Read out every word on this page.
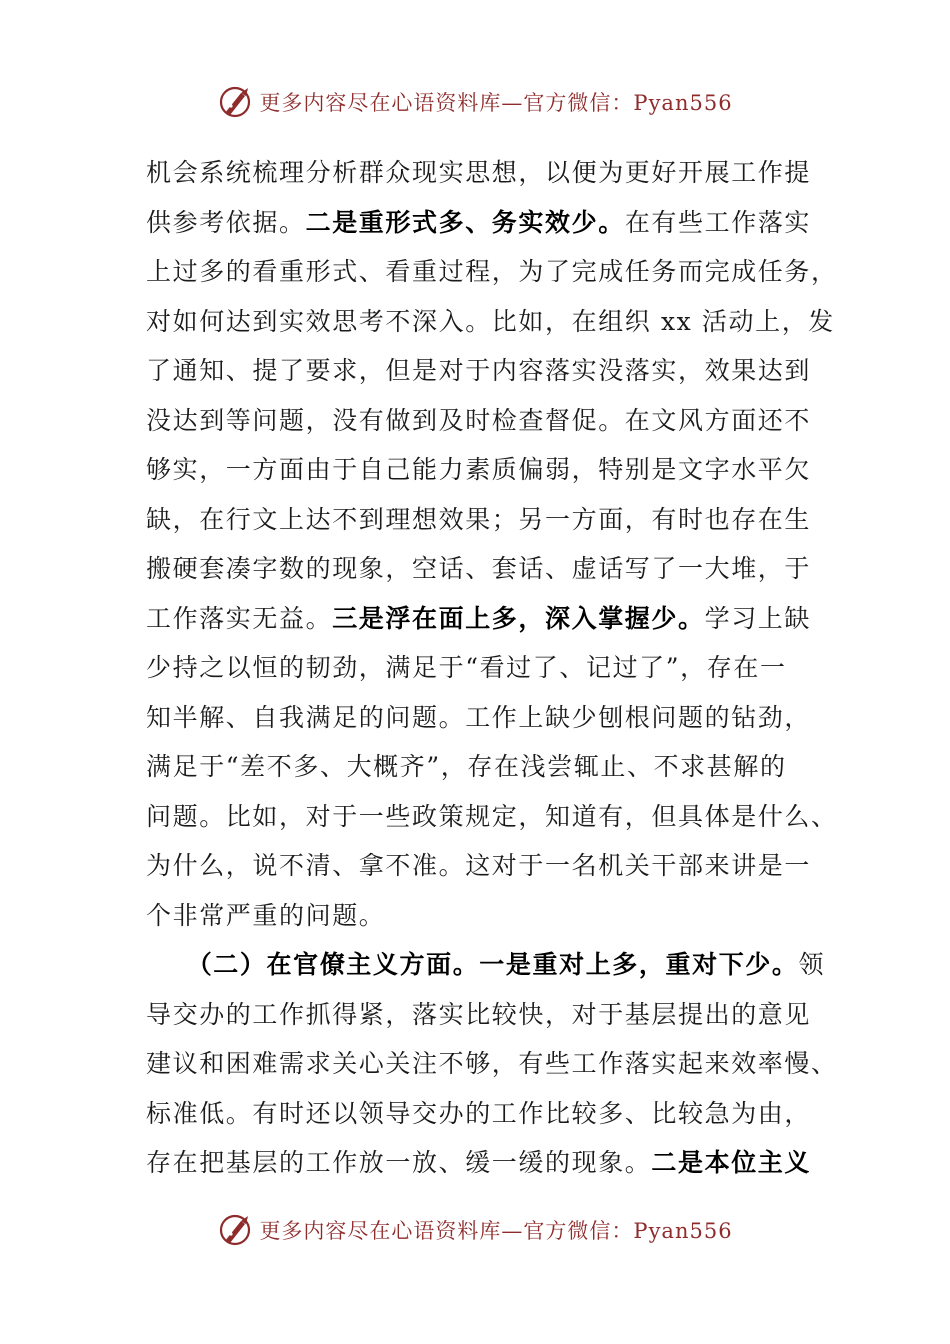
更多内容尽在心语资料库—官方微信：Pyan556
机会系统梳理分析群众现实思想，以便为更好开展工作提
供参考依据。二是重形式多、务实效少。在有些工作落实
上过多的看重形式、看重过程，为了完成任务而完成任务，
对如何达到实效思考不深入。比如，在组织 xx 活动上，发
了通知、提了要求，但是对于内容落实没落实，效果达到
没达到等问题，没有做到及时检查督促。在文风方面还不
够实，一方面由于自己能力素质偏弱，特别是文字水平欠
缺，在行文上达不到理想效果；另一方面，有时也存在生
搬硬套凑字数的现象，空话、套话、虚话写了一大堆，于
工作落实无益。三是浮在面上多，深入掌握少。学习上缺
少持之以恒的韧劲，满足于“看过了、记过了”，存在一
知半解、自我满足的问题。工作上缺少刨根问题的钻劲，
满足于“差不多、大概齐”，存在浅尝辄止、不求甚解的
问题。比如，对于一些政策规定，知道有，但具体是什么、
为什么，说不清、拿不准。这对于一名机关干部来讲是一
个非常严重的问题。
　　（二）在官僚主义方面。一是重对上多，重对下少。领
导交办的工作抓得紧，落实比较快，对于基层提出的意见
建议和困难需求关心关注不够，有些工作落实起来效率慢、
标准低。有时还以领导交办的工作比较多、比较急为由，
存在把基层的工作放一放、缓一缓的现象。二是本位主义
更多内容尽在心语资料库—官方微信：Pyan556
